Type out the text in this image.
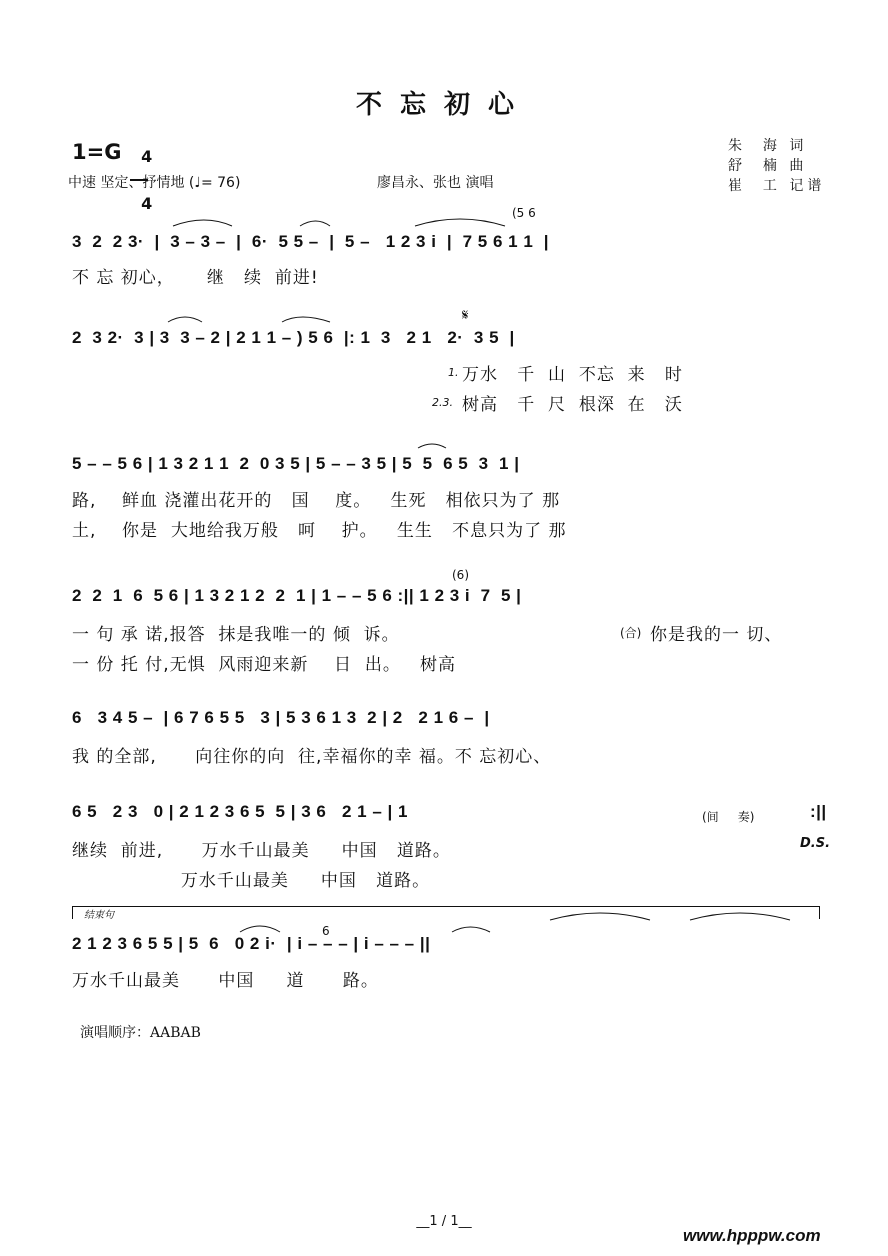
不忘初心
1=G	4

4

中速 坚定、抒情地 (♩= 76)	廖昌永、张也 演唱
朱  海 词
舒  楠 曲
崔  工 记谱
(5 6
3  2  2 3·  |  3 – 3 –  |  6·  5 5 –  |  5 –   1 2 3 i  |  7 5 6 1 1  |
不 忘 初心，     继   续  前进!
𝄋
2  3 2·  3 | 3  3 – 2 | 2 1 1 – ) 5 6  |: 1  3   2 1   2·  3 5  |
1. 万水   千  山  不忘  来   时
2.3. 树高   千  尺  根深  在   沃
5 – – 5 6 | 1 3 2 1 1  2  0 3 5 | 5 – – 3 5 | 5  5  6 5  3  1 |
路,    鲜血 浇灌出花开的   国    度。   生死   相依只为了 那
土,    你是  大地给我万般   呵    护。   生生   不息只为了 那
(6)
2  2  1  6  5 6 | 1 3 2 1 2  2  1 | 1 – – 5 6 :|| 1 2 3 i  7  5 |
一 句 承 诺,报答  抹是我唯一的 倾  诉。	(合) 你是我的一 切、
一 份 托 付,无惧  风雨迎来新    日  出。   树高
6   3 4 5 –  | 6 7 6 5 5   3 | 5 3 6 1 3  2 | 2   2 1 6 –  |
我 的全部,      向往你的向  往,幸福你的幸 福。不 忘初心、
6 5   2 3   0 | 2 1 2 3 6 5  5 | 3 6   2 1 – | 1	(间     奏)	:||
D.S.
继续  前进,      万水千山最美     中国   道路。
万水千山最美     中国   道路。
结束句
6
2 1 2 3 6 5 5 | 5  6   0 2 i·  | i – – – | i – – – ||
万水千山最美      中国     道      路。
演唱顺序：AABAB
__1 / 1__
www.hpppw.com
